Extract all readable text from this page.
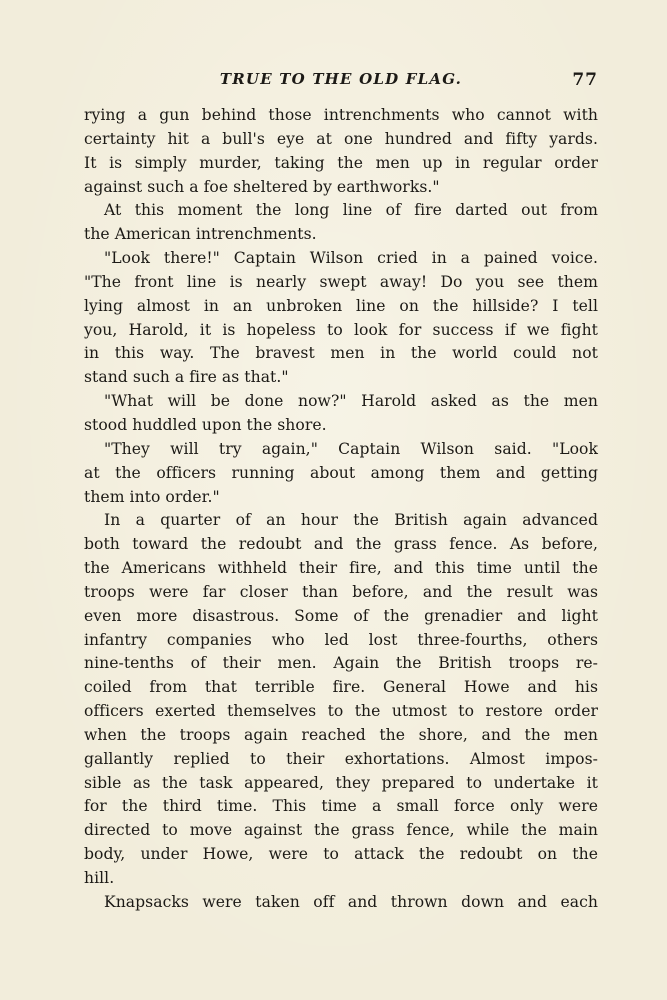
TRUE TO THE OLD FLAG.	77
rying a gun behind those intrenchments who cannot with
certainty hit a bull's eye at one hundred and fifty yards.
It is simply murder, taking the men up in regular order
against such a foe sheltered by earthworks."
At this moment the long line of fire darted out from
the American intrenchments.
"Look there!" Captain Wilson cried in a pained voice.
"The front line is nearly swept away! Do you see them
lying almost in an unbroken line on the hillside? I tell
you, Harold, it is hopeless to look for success if we fight
in this way. The bravest men in the world could not
stand such a fire as that."
"What will be done now?" Harold asked as the men
stood huddled upon the shore.
"They will try again," Captain Wilson said. "Look
at the officers running about among them and getting
them into order."
In a quarter of an hour the British again advanced
both toward the redoubt and the grass fence. As before,
the Americans withheld their fire, and this time until the
troops were far closer than before, and the result was
even more disastrous. Some of the grenadier and light
infantry companies who led lost three-fourths, others
nine-tenths of their men. Again the British troops re-
coiled from that terrible fire. General Howe and his
officers exerted themselves to the utmost to restore order
when the troops again reached the shore, and the men
gallantly replied to their exhortations. Almost impos-
sible as the task appeared, they prepared to undertake it
for the third time. This time a small force only were
directed to move against the grass fence, while the main
body, under Howe, were to attack the redoubt on the
hill.
Knapsacks were taken off and thrown down and each
